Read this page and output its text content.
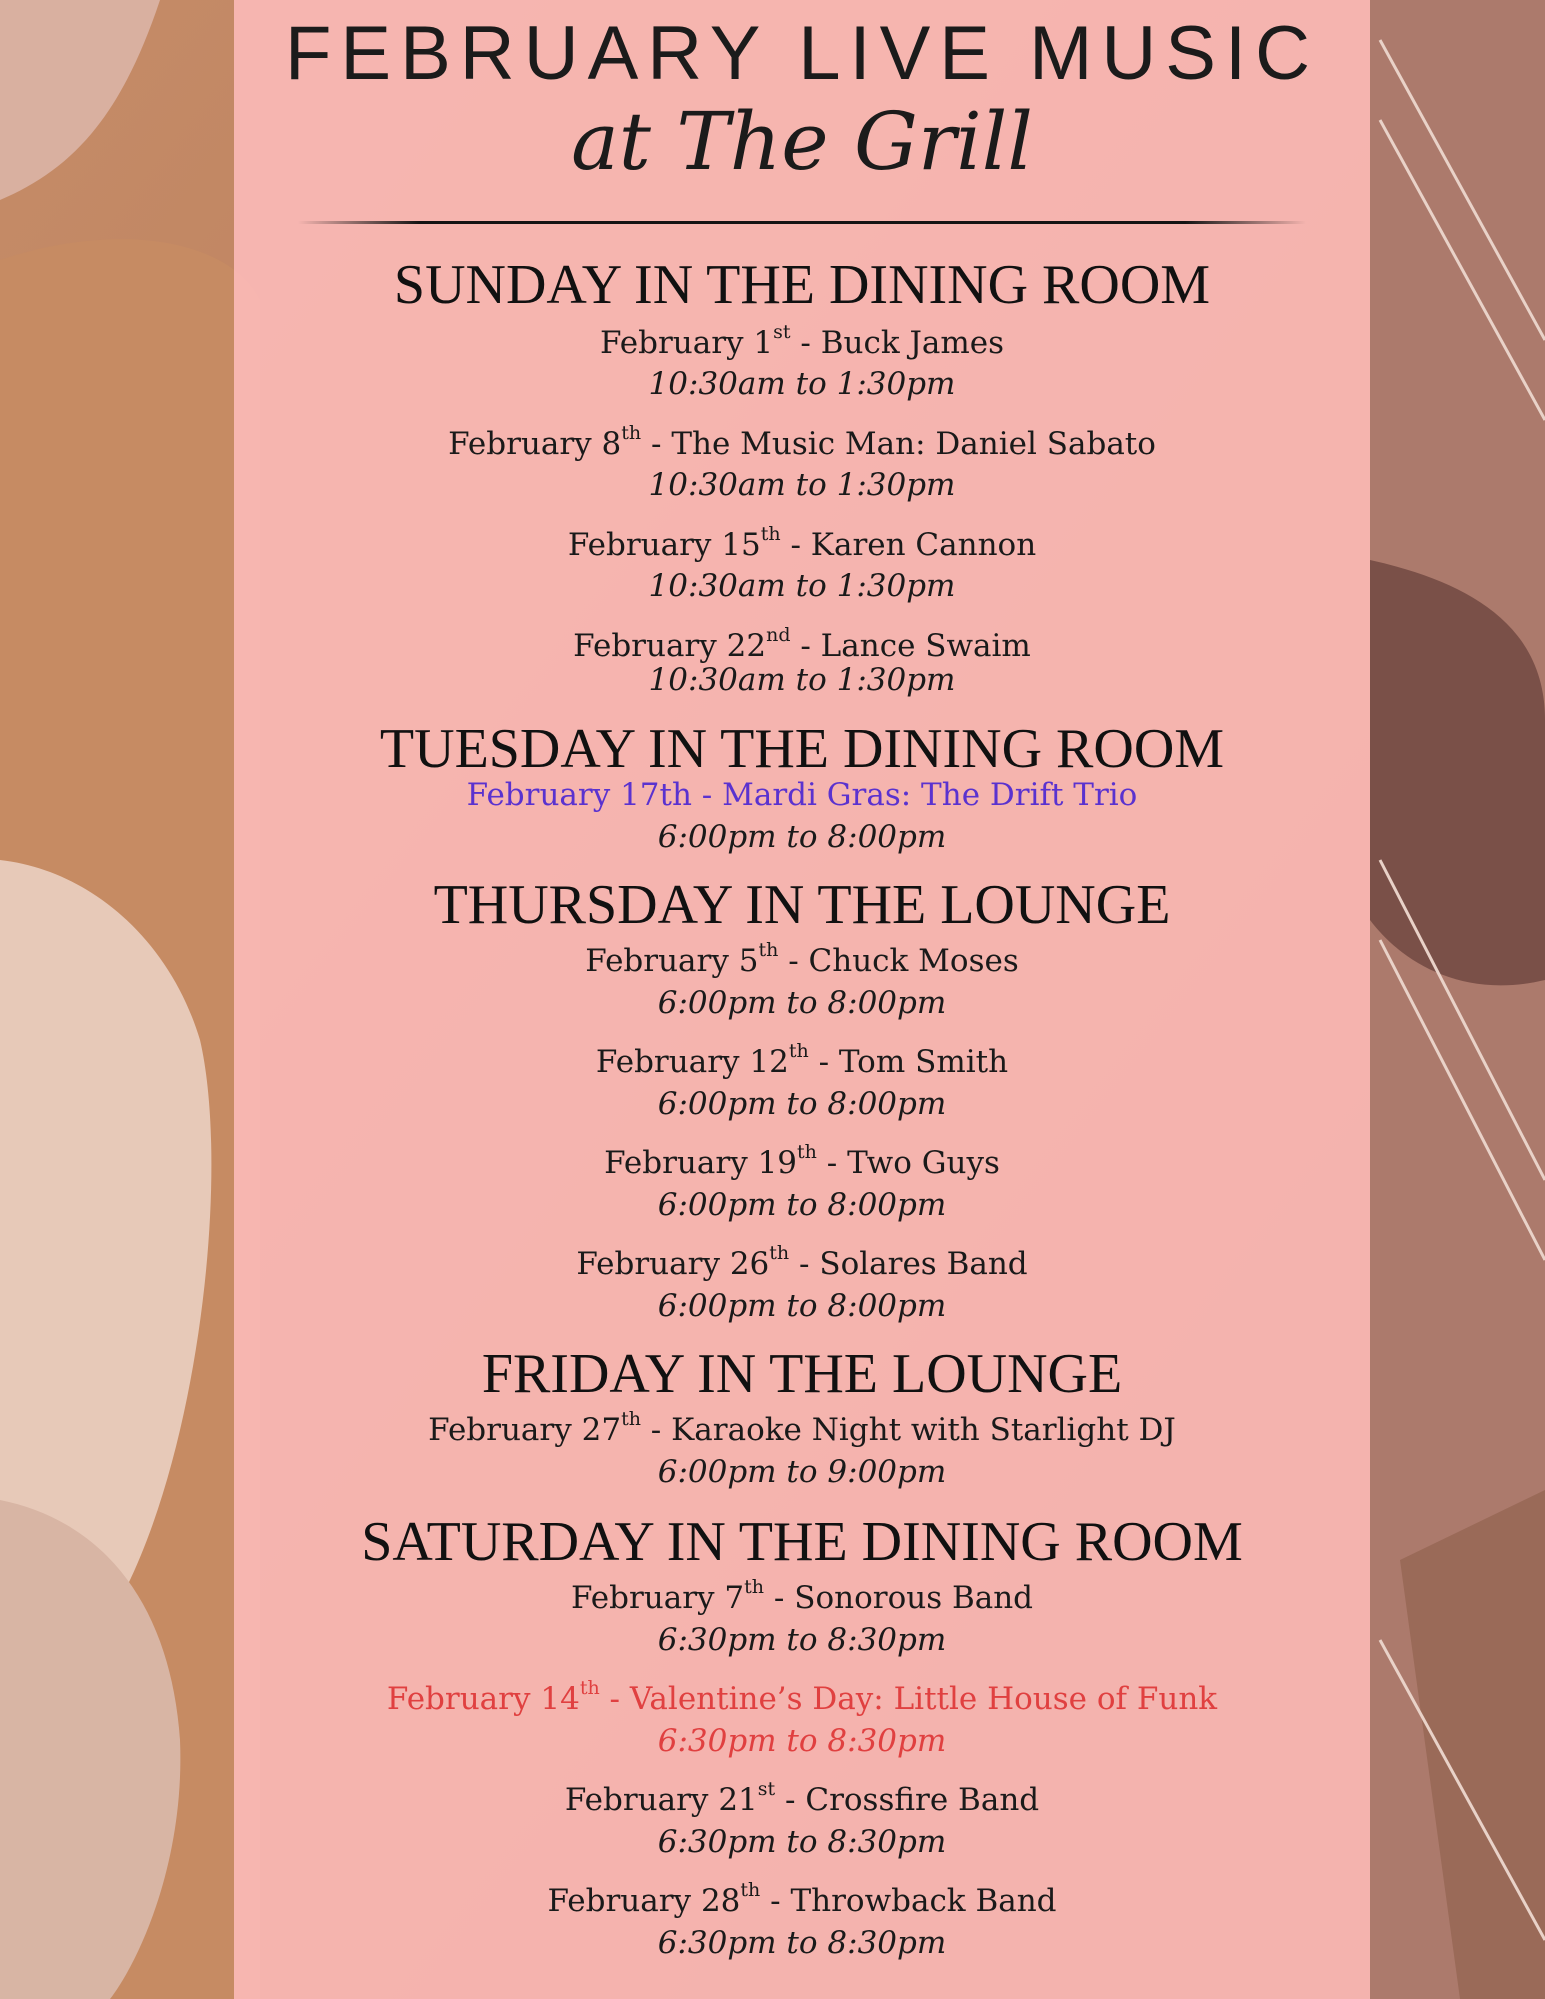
FEBRUARY LIVE MUSIC
at The Grill
SUNDAY IN THE DINING ROOM
February 1st - Buck James
10:30am to 1:30pm
February 8th - The Music Man: Daniel Sabato
10:30am to 1:30pm
February 15th - Karen Cannon
10:30am to 1:30pm
February 22nd - Lance Swaim
10:30am to 1:30pm
TUESDAY IN THE DINING ROOM
February 17th - Mardi Gras: The Drift Trio
6:00pm to 8:00pm
THURSDAY IN THE LOUNGE
February 5th - Chuck Moses
6:00pm to 8:00pm
February 12th - Tom Smith
6:00pm to 8:00pm
February 19th - Two Guys
6:00pm to 8:00pm
February 26th - Solares Band
6:00pm to 8:00pm
FRIDAY IN THE LOUNGE
February 27th - Karaoke Night with Starlight DJ
6:00pm to 9:00pm
SATURDAY IN THE DINING ROOM
February 7th - Sonorous Band
6:30pm to 8:30pm
February 14th - Valentine’s Day: Little House of Funk
6:30pm to 8:30pm
February 21st - Crossfire Band
6:30pm to 8:30pm
February 28th - Throwback Band
6:30pm to 8:30pm
